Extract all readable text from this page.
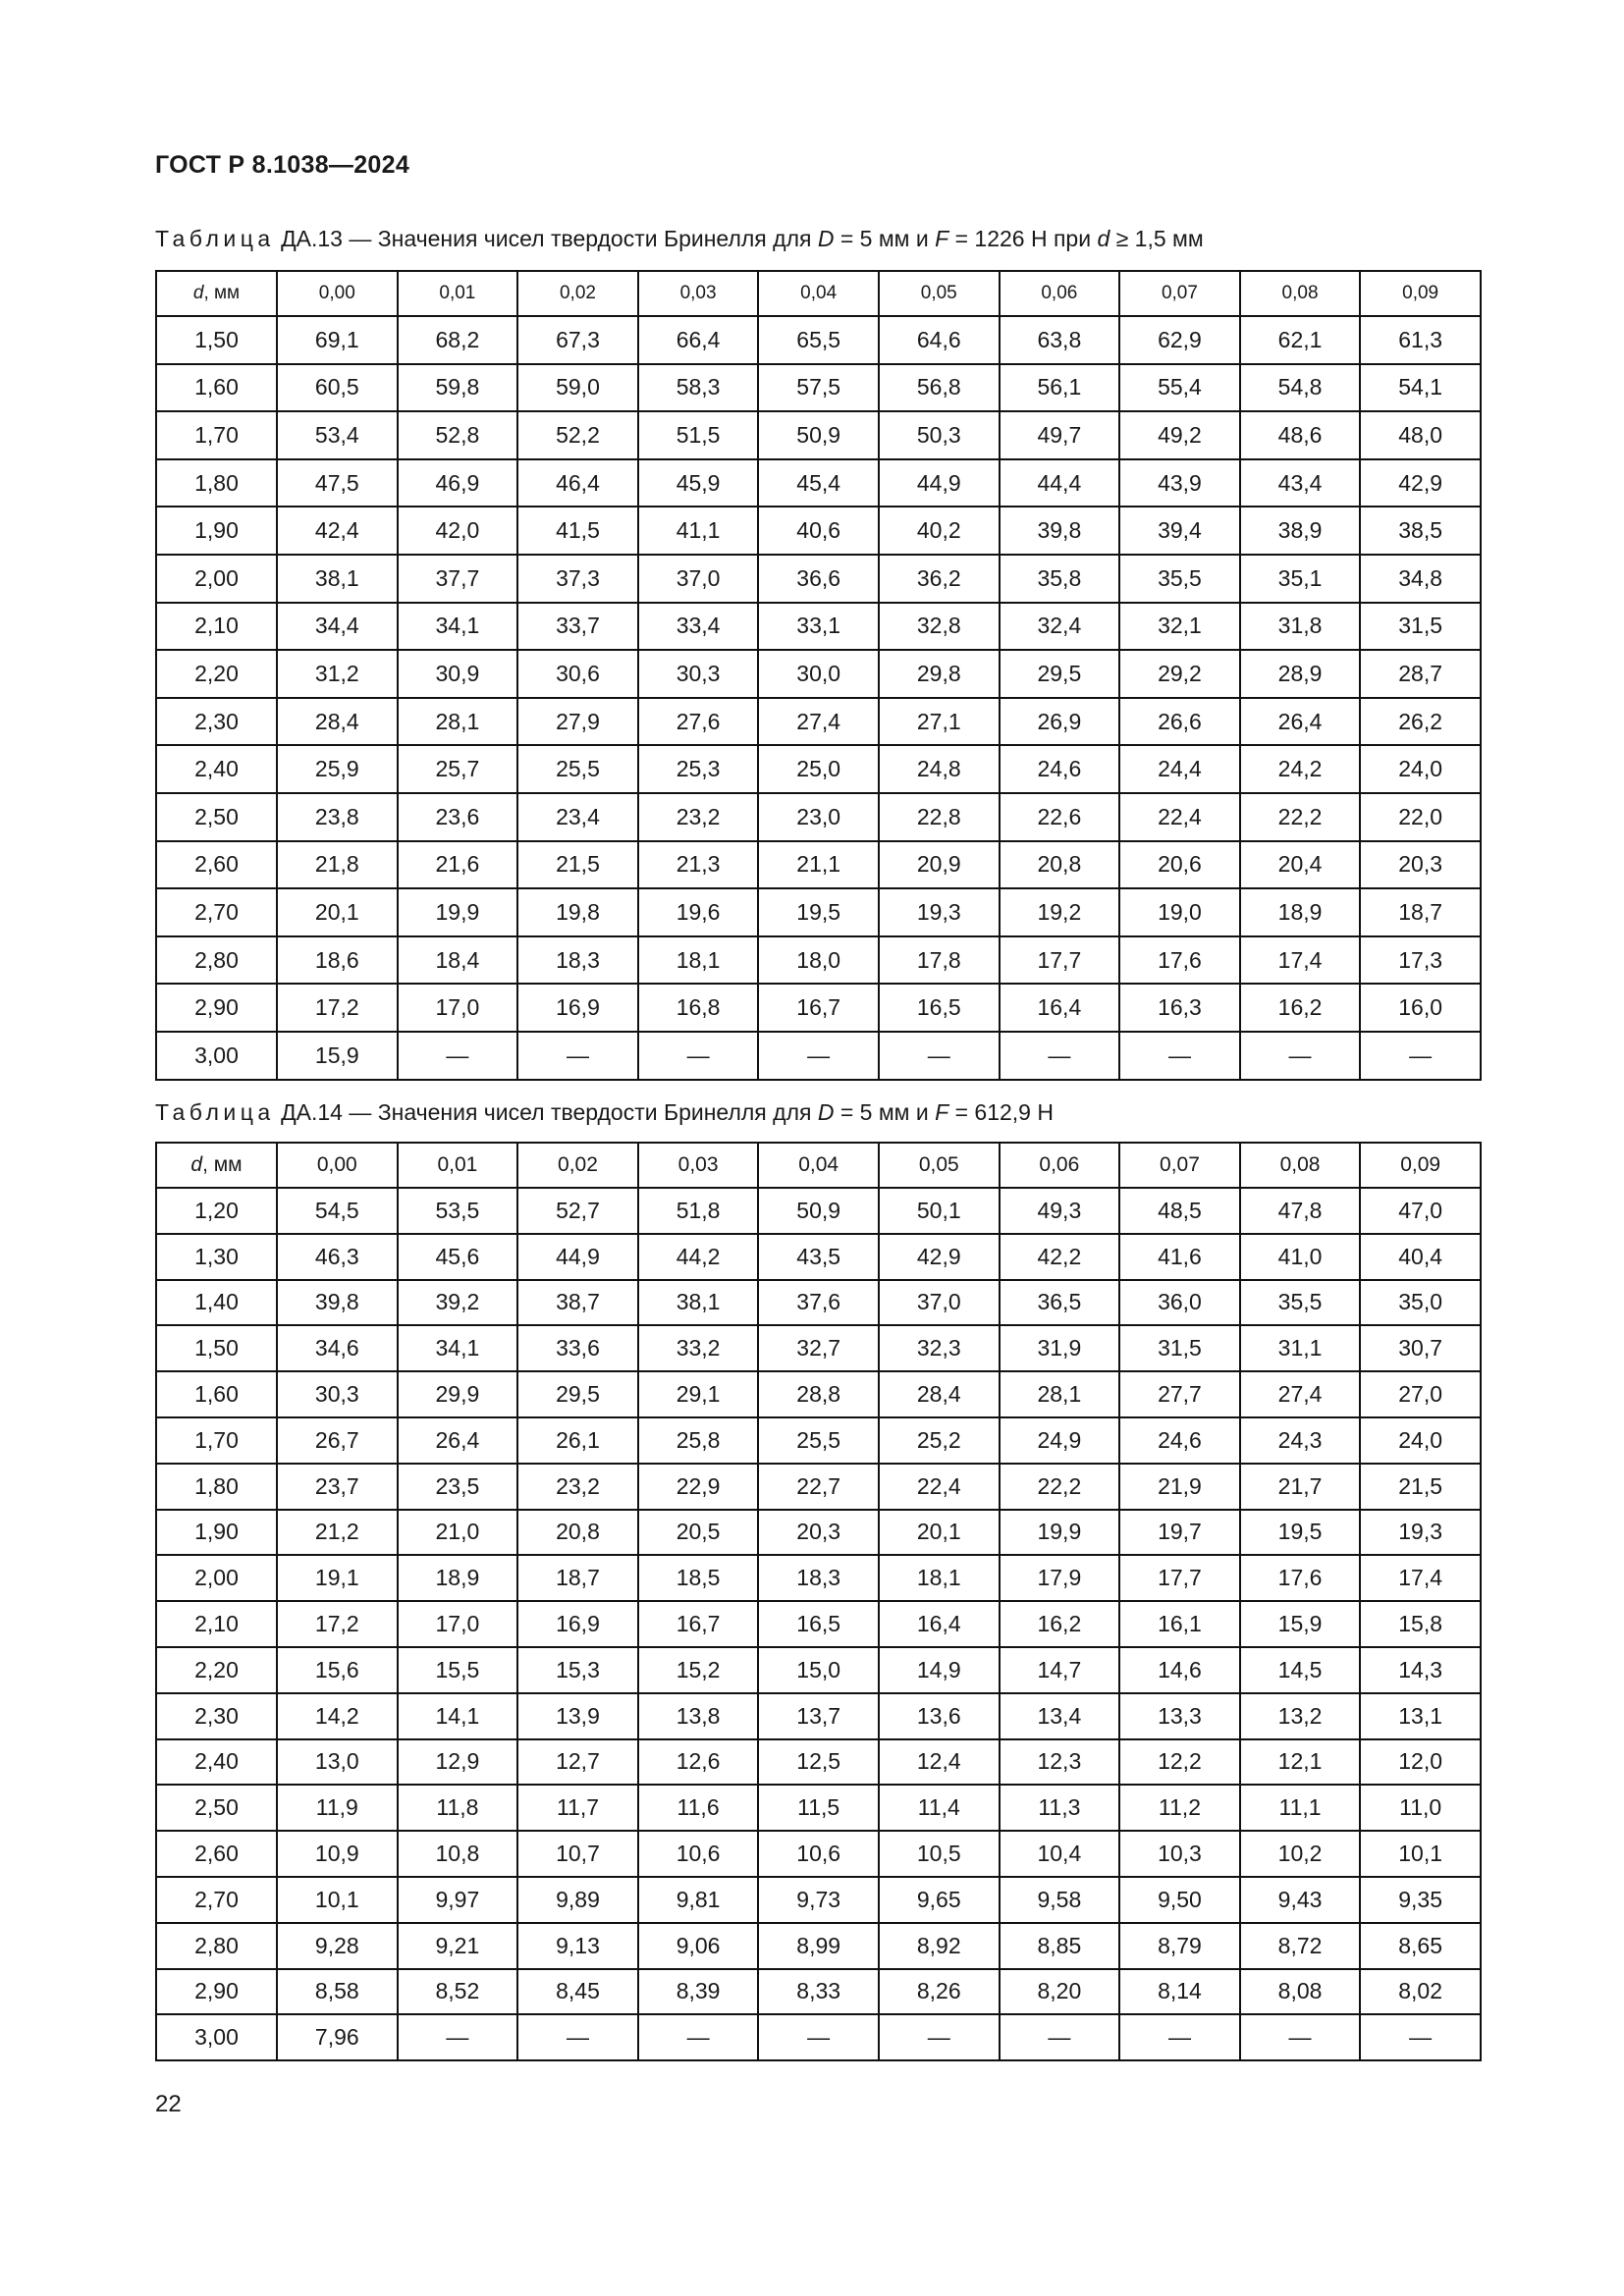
ГОСТ Р 8.1038—2024
Таблица ДА.13 — Значения чисел твердости Бринелля для D = 5 мм и F = 1226 Н при d ≥ 1,5 мм
d, мм	0,00	0,01	0,02	0,03	0,04	0,05	0,06	0,07	0,08	0,09
1,50	69,1	68,2	67,3	66,4	65,5	64,6	63,8	62,9	62,1	61,3
1,60	60,5	59,8	59,0	58,3	57,5	56,8	56,1	55,4	54,8	54,1
1,70	53,4	52,8	52,2	51,5	50,9	50,3	49,7	49,2	48,6	48,0
1,80	47,5	46,9	46,4	45,9	45,4	44,9	44,4	43,9	43,4	42,9
1,90	42,4	42,0	41,5	41,1	40,6	40,2	39,8	39,4	38,9	38,5
2,00	38,1	37,7	37,3	37,0	36,6	36,2	35,8	35,5	35,1	34,8
2,10	34,4	34,1	33,7	33,4	33,1	32,8	32,4	32,1	31,8	31,5
2,20	31,2	30,9	30,6	30,3	30,0	29,8	29,5	29,2	28,9	28,7
2,30	28,4	28,1	27,9	27,6	27,4	27,1	26,9	26,6	26,4	26,2
2,40	25,9	25,7	25,5	25,3	25,0	24,8	24,6	24,4	24,2	24,0
2,50	23,8	23,6	23,4	23,2	23,0	22,8	22,6	22,4	22,2	22,0
2,60	21,8	21,6	21,5	21,3	21,1	20,9	20,8	20,6	20,4	20,3
2,70	20,1	19,9	19,8	19,6	19,5	19,3	19,2	19,0	18,9	18,7
2,80	18,6	18,4	18,3	18,1	18,0	17,8	17,7	17,6	17,4	17,3
2,90	17,2	17,0	16,9	16,8	16,7	16,5	16,4	16,3	16,2	16,0
3,00	15,9	—	—	—	—	—	—	—	—	—
Таблица ДА.14 — Значения чисел твердости Бринелля для D = 5 мм и F = 612,9 Н
d, мм	0,00	0,01	0,02	0,03	0,04	0,05	0,06	0,07	0,08	0,09
1,20	54,5	53,5	52,7	51,8	50,9	50,1	49,3	48,5	47,8	47,0
1,30	46,3	45,6	44,9	44,2	43,5	42,9	42,2	41,6	41,0	40,4
1,40	39,8	39,2	38,7	38,1	37,6	37,0	36,5	36,0	35,5	35,0
1,50	34,6	34,1	33,6	33,2	32,7	32,3	31,9	31,5	31,1	30,7
1,60	30,3	29,9	29,5	29,1	28,8	28,4	28,1	27,7	27,4	27,0
1,70	26,7	26,4	26,1	25,8	25,5	25,2	24,9	24,6	24,3	24,0
1,80	23,7	23,5	23,2	22,9	22,7	22,4	22,2	21,9	21,7	21,5
1,90	21,2	21,0	20,8	20,5	20,3	20,1	19,9	19,7	19,5	19,3
2,00	19,1	18,9	18,7	18,5	18,3	18,1	17,9	17,7	17,6	17,4
2,10	17,2	17,0	16,9	16,7	16,5	16,4	16,2	16,1	15,9	15,8
2,20	15,6	15,5	15,3	15,2	15,0	14,9	14,7	14,6	14,5	14,3
2,30	14,2	14,1	13,9	13,8	13,7	13,6	13,4	13,3	13,2	13,1
2,40	13,0	12,9	12,7	12,6	12,5	12,4	12,3	12,2	12,1	12,0
2,50	11,9	11,8	11,7	11,6	11,5	11,4	11,3	11,2	11,1	11,0
2,60	10,9	10,8	10,7	10,6	10,6	10,5	10,4	10,3	10,2	10,1
2,70	10,1	9,97	9,89	9,81	9,73	9,65	9,58	9,50	9,43	9,35
2,80	9,28	9,21	9,13	9,06	8,99	8,92	8,85	8,79	8,72	8,65
2,90	8,58	8,52	8,45	8,39	8,33	8,26	8,20	8,14	8,08	8,02
3,00	7,96	—	—	—	—	—	—	—	—	—
22
